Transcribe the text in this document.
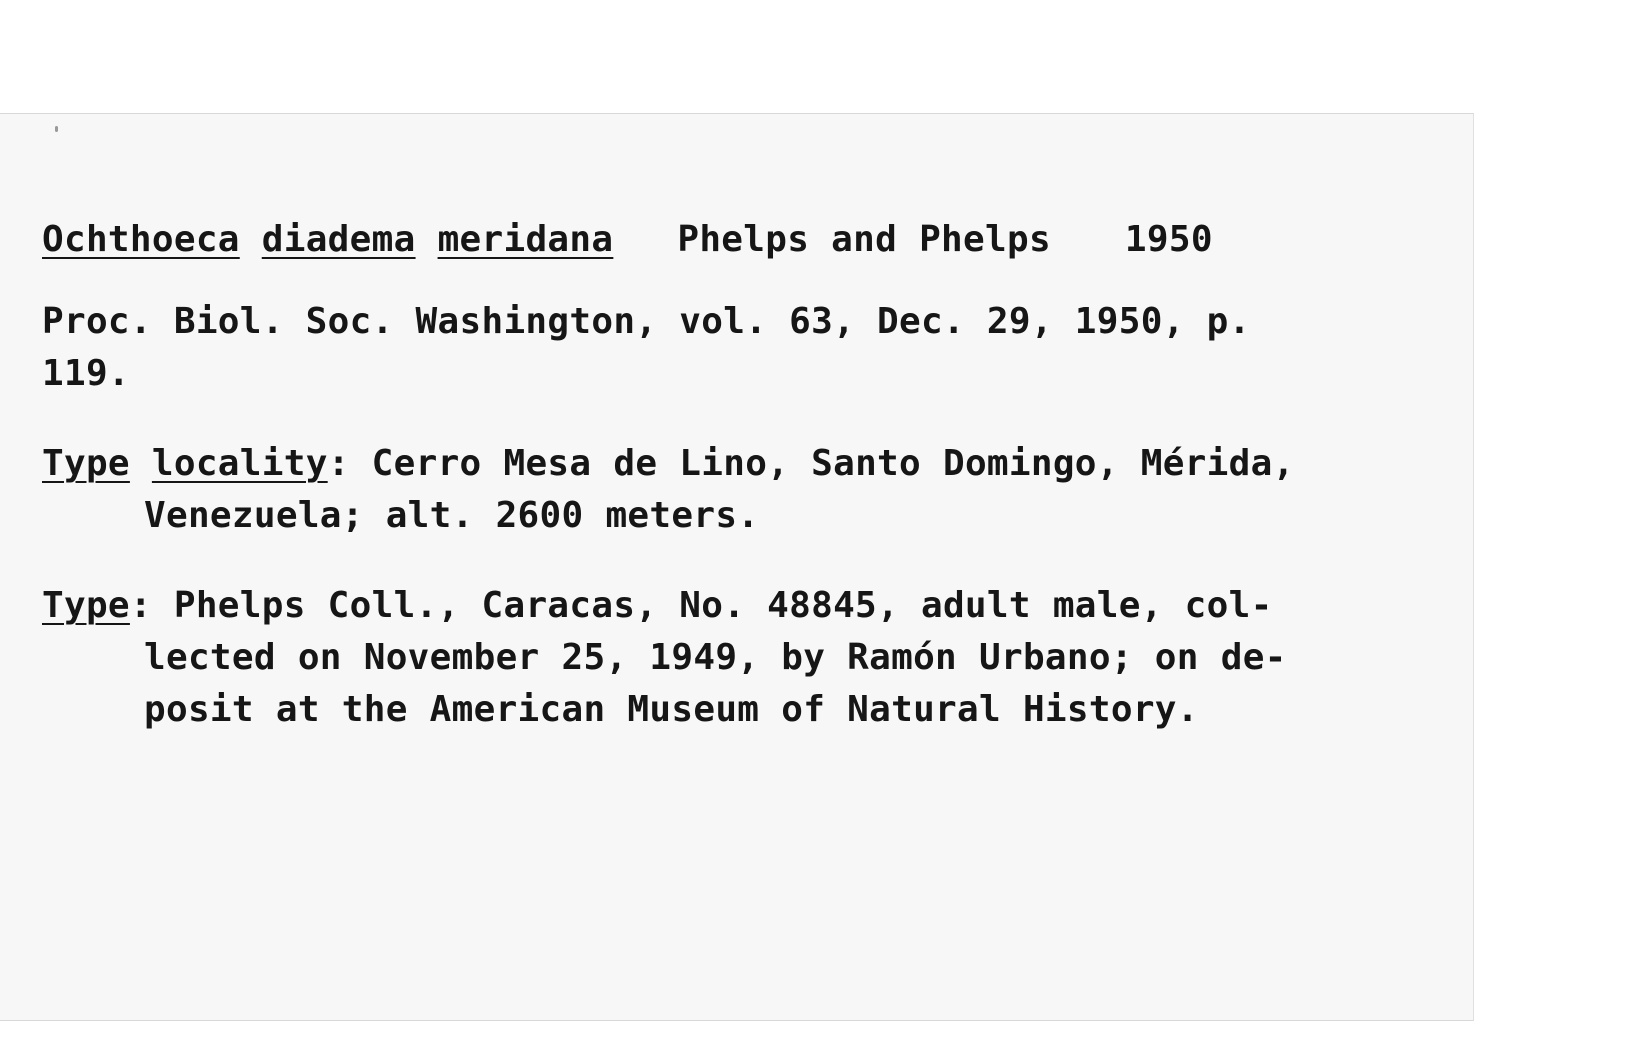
Ochthoeca diadema meridana Phelps and Phelps 1950
Proc. Biol. Soc. Washington, vol. 63, Dec. 29, 1950, p.
119.
Type locality: Cerro Mesa de Lino, Santo Domingo, Mérida,
Venezuela; alt. 2600 meters.
Type: Phelps Coll., Caracas, No. 48845, adult male, col-
lected on November 25, 1949, by Ramón Urbano; on de-
posit at the American Museum of Natural History.
